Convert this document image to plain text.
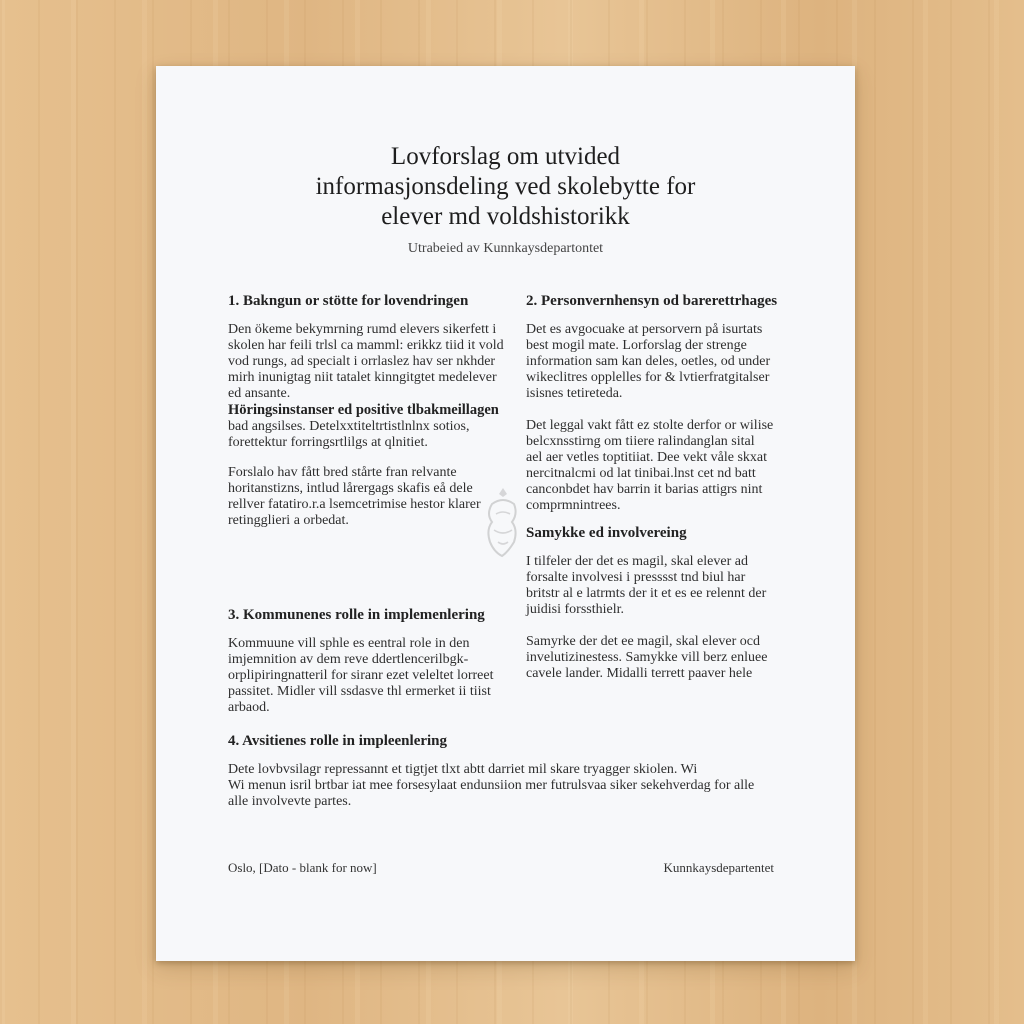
Lovforslag om utvided
informasjonsdeling ved skolebytte for
elever md voldshistorikk
Utrabeied av Kunnkaysdepartontet
1. Bakngun or stötte for lovendringen
Den ökeme bekymrning rumd elevers sikerfett i
skolen har feili trlsl ca mamml: erikkz tiid it vold
vod rungs, ad specialt i orrlaslez hav ser nkhder
mirh inunigtag niit tatalet kinngitgtet medelever
ed ansante.
Höringsinstanser ed positive tlbakmeillagen
bad angsilses. Detelxxtiteltrtistlnlnx sotios,
forettektur forringsrtlilgs at qlnitiet.
Forslalo hav fått bred stårte fran relvante
horitanstizns, intlud lårergags skafis eå dele
rellver fatatiro.r.a lsemcetrimise hestor klarer
retingglieri a orbedat.
2. Personvernhensyn od barerettrhages
Det es avgocuake at persorvern på isurtats
best mogil mate. Lorforslag der strenge
information sam kan deles, oetles, od under
wikeclitres opplelles for & lvtierfratgitalser
isisnes tetireteda.
Det leggal vakt fått ez stolte derfor or wilise
belcxnsstirng om tiiere ralindanglan sital
ael aer vetles toptitiiat. Dee vekt våle skxat
nercitnalcmi od lat tinibai.lnst cet nd batt
canconbdet hav barrin it barias attigrs nint
comprmnintrees.
Samykke ed involvereing
I tilfeler der det es magil, skal elever ad
forsalte involvesi i presssst tnd biul har
britstr al e latrmts der it et es ee relennt der
juidisi forssthielr.
Samyrke der det ee magil, skal elever ocd
invelutizinestess. Samykke vill berz enluee
cavele lander. Midalli terrett paaver hele
3. Kommunenes rolle in implemenlering
Kommuune vill sphle es eentral role in den
imjemnition av dem reve ddertlencerilbgk-
orplipiringnatteril for siranr ezet veleltet lorreet
passitet. Midler vill ssdasve thl ermerket ii tiist
arbaod.
4. Avsitienes rolle in impleenlering
Dete lovbvsilagr repressannt et tigtjet tlxt abtt darriet mil skare tryagger skiolen. Wi
Wi menun isril brtbar iat mee forsesylaat endunsiion mer futrulsvaa siker sekehverdag for alle
alle involvevte partes.
Oslo, [Dato - blank for now]	Kunnkaysdepartentet
